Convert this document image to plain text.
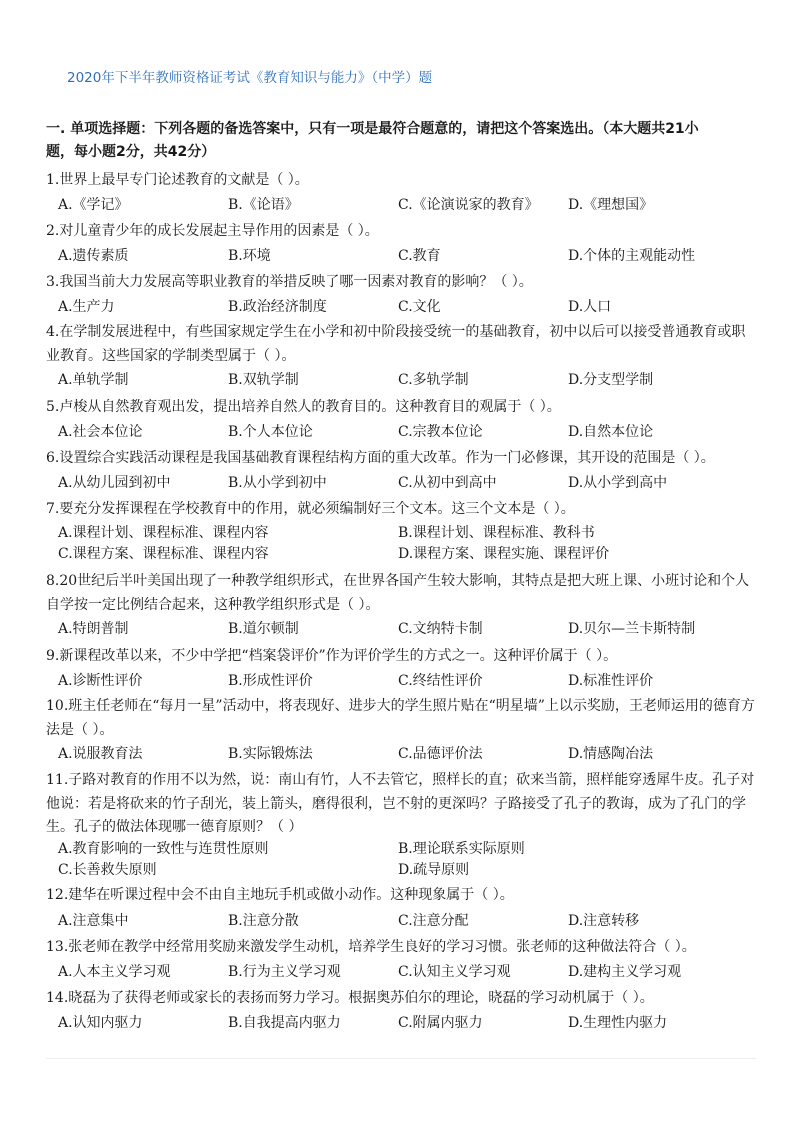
2020年下半年教师资格证考试《教育知识与能力》（中学）题
一. 单项选择题：下列各题的备选答案中，只有一项是最符合题意的，请把这个答案选出。（本大题共21小
题，每小题2分，共42分）
1.世界上最早专门论述教育的文献是（ ）。
A.《学记》	B.《论语》	C.《论演说家的教育》 D.《理想国》
2.对儿童青少年的成长发展起主导作用的因素是（ ）。
A.遗传素质	B.环境	C.教育	D.个体的主观能动性
3.我国当前大力发展高等职业教育的举措反映了哪一因素对教育的影响？（ ）。
A.生产力	B.政治经济制度	C.文化	D.人口
4.在学制发展进程中，有些国家规定学生在小学和初中阶段接受统一的基础教育，初中以后可以接受普通教育或职业教育。这些国家的学制类型属于（ ）。
A.单轨学制	B.双轨学制	C.多轨学制	D.分支型学制
5.卢梭从自然教育观出发，提出培养自然人的教育目的。这种教育目的观属于（ ）。
A.社会本位论	B.个人本位论	C.宗教本位论	D.自然本位论
6.设置综合实践活动课程是我国基础教育课程结构方面的重大改革。作为一门必修课，其开设的范围是（ ）。
A.从幼儿园到初中	B.从小学到初中	C.从初中到高中	D.从小学到高中
7.要充分发挥课程在学校教育中的作用，就必须编制好三个文本。这三个文本是（ ）。
A.课程计划、课程标准、课程内容	B.课程计划、课程标准、教科书
C.课程方案、课程标准、课程内容	D.课程方案、课程实施、课程评价
8.20世纪后半叶美国出现了一种教学组织形式，在世界各国产生较大影响，其特点是把大班上课、小班讨论和个人自学按一定比例结合起来，这种教学组织形式是（ ）。
A.特朗普制	B.道尔顿制	C.文纳特卡制	D.贝尔—兰卡斯特制
9.新课程改革以来，不少中学把“档案袋评价”作为评价学生的方式之一。这种评价属于（ ）。
A.诊断性评价	B.形成性评价	C.终结性评价	D.标准性评价
10.班主任老师在“每月一星”活动中，将表现好、进步大的学生照片贴在“明星墙”上以示奖励，王老师运用的德育方法是（ ）。
A.说服教育法	B.实际锻炼法	C.品德评价法	D.情感陶冶法
11.子路对教育的作用不以为然，说：南山有竹，人不去管它，照样长的直；砍来当箭，照样能穿透犀牛皮。孔子对他说：若是将砍来的竹子刮光，装上箭头，磨得很利，岂不射的更深吗？子路接受了孔子的教诲，成为了孔门的学生。孔子的做法体现哪一德育原则？（ ）
A.教育影响的一致性与连贯性原则	B.理论联系实际原则
C.长善救失原则	D.疏导原则
12.建华在听课过程中会不由自主地玩手机或做小动作。这种现象属于（ ）。
A.注意集中	B.注意分散	C.注意分配	D.注意转移
13.张老师在教学中经常用奖励来激发学生动机，培养学生良好的学习习惯。张老师的这种做法符合（ ）。
A.人本主义学习观	B.行为主义学习观	C.认知主义学习观	D.建构主义学习观
14.晓磊为了获得老师或家长的表扬而努力学习。根据奥苏伯尔的理论，晓磊的学习动机属于（ ）。
A.认知内驱力	B.自我提高内驱力	C.附属内驱力	D.生理性内驱力
